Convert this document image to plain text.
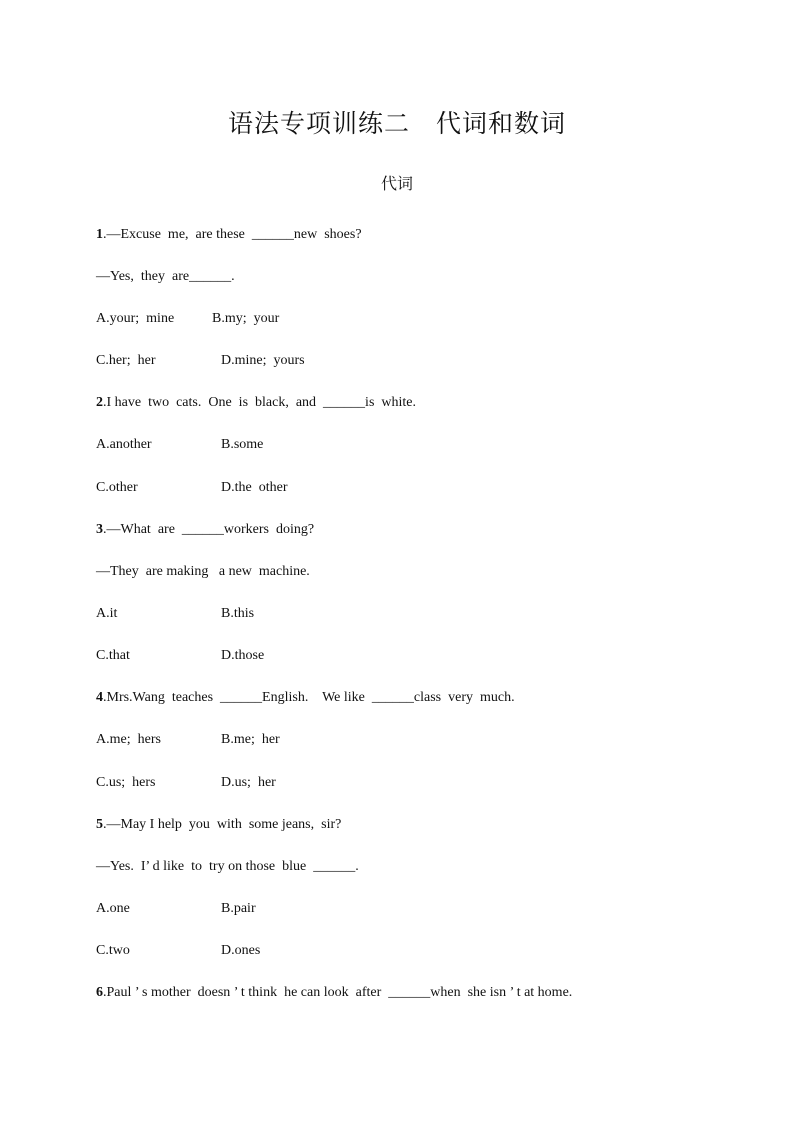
语法专项训练二　代词和数词
代词
1.—Excuse  me,  are these  ______new  shoes?
—Yes,  they  are______.
A.your;  mine	B.my;  your
C.her;  her	D.mine;  yours
2.I have  two  cats.  One  is  black,  and  ______is  white.
A.another	B.some
C.other	D.the  other
3.—What  are  ______workers  doing?
—They  are making   a new  machine.
A.it	B.this
C.that	D.those
4.Mrs.Wang  teaches  ______English.    We like  ______class  very  much.
A.me;  hers	B.me;  her
C.us;  hers	D.us;  her
5.—May I help  you  with  some jeans,  sir?
—Yes.  I’ d like  to  try on those  blue  ______.
A.one	B.pair
C.two	D.ones
6.Paul ’ s mother  doesn ’ t think  he can look  after  ______when  she isn ’ t at home.
